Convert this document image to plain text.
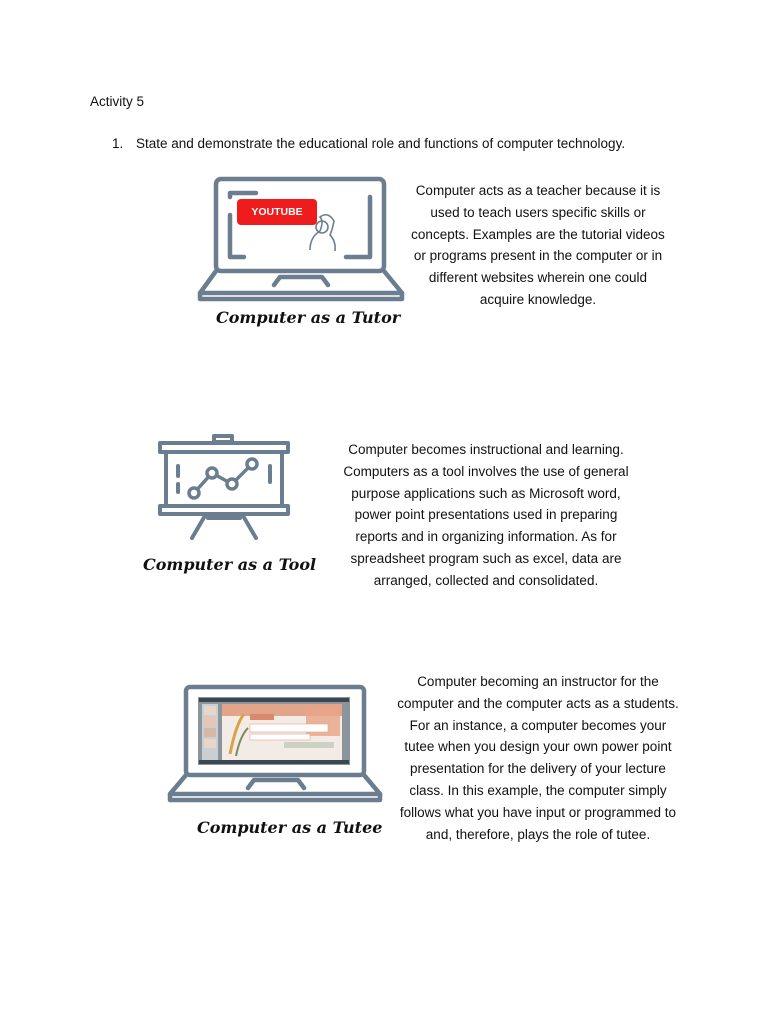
Activity 5
1. State and demonstrate the educational role and functions of computer technology.
YOUTUBE
Computer as a Tutor
Computer acts as a teacher because it is
used to teach users specific skills or
concepts. Examples are the tutorial videos
or programs present in the computer or in
different websites wherein one could
acquire knowledge.
Computer as a Tool
Computer becomes instructional and learning.
Computers as a tool involves the use of general
purpose applications such as Microsoft word,
power point presentations used in preparing
reports and in organizing information. As for
spreadsheet program such as excel, data are
arranged, collected and consolidated.
Computer as a Tutee
Computer becoming an instructor for the
computer and the computer acts as a students.
For an instance, a computer becomes your
tutee when you design your own power point
presentation for the delivery of your lecture
class. In this example, the computer simply
follows what you have input or programmed to
and, therefore, plays the role of tutee.
